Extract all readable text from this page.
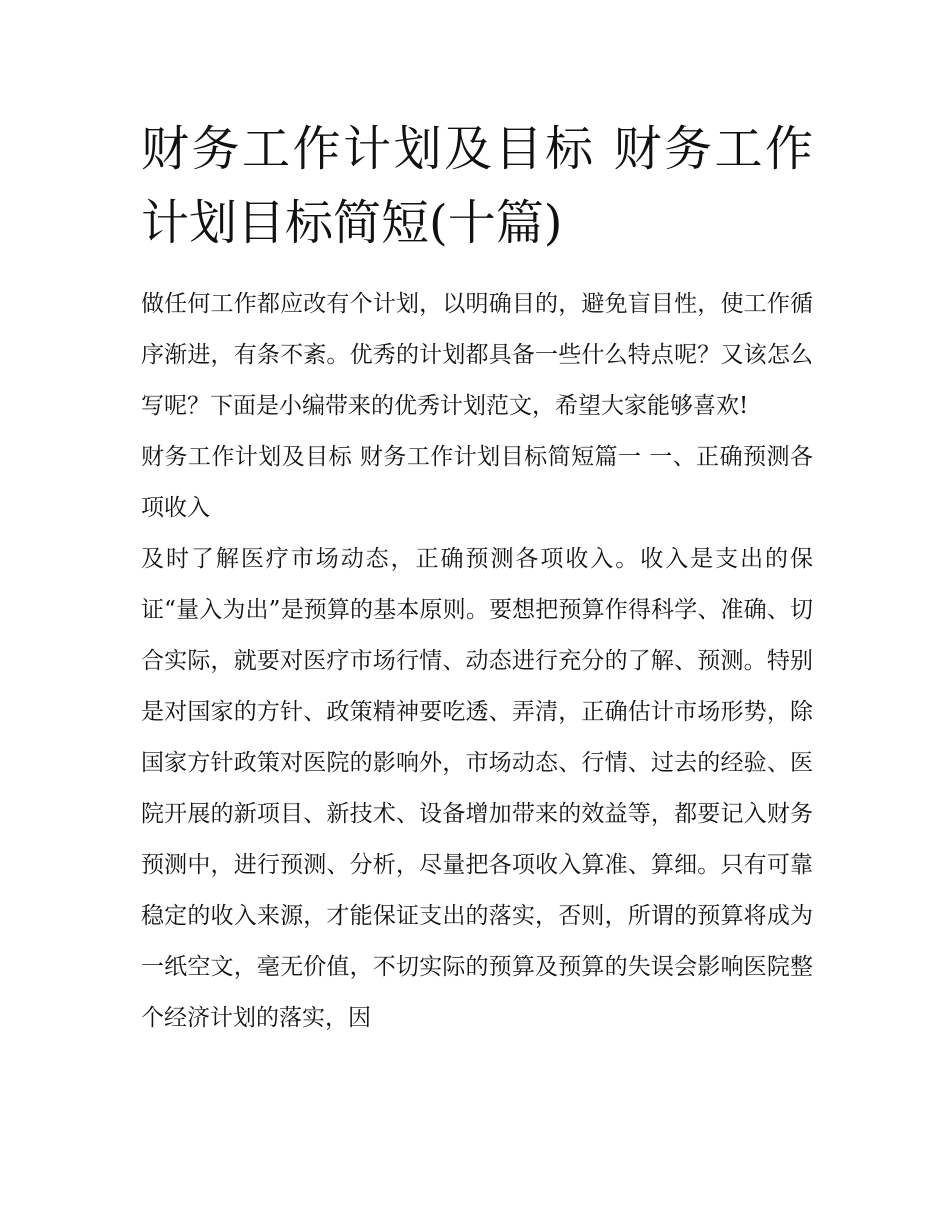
财务工作计划及目标 财务工作计划目标简短(十篇)

做任何工作都应改有个计划，以明确目的，避免盲目性，使工作循序渐进，有条不紊。优秀的计划都具备一些什么特点呢？又该怎么写呢？下面是小编带来的优秀计划范文，希望大家能够喜欢!

财务工作计划及目标 财务工作计划目标简短篇一 一、正确预测各项收入

及时了解医疗市场动态，正确预测各项收入。收入是支出的保证“量入为出”是预算的基本原则。要想把预算作得科学、准确、切合实际，就要对医疗市场行情、动态进行充分的了解、预测。特别是对国家的方针、政策精神要吃透、弄清，正确估计市场形势，除国家方针政策对医院的影响外，市场动态、行情、过去的经验、医院开展的新项目、新技术、设备增加带来的效益等，都要记入财务预测中，进行预测、分析，尽量把各项收入算准、算细。只有可靠稳定的收入来源，才能保证支出的落实，否则，所谓的预算将成为一纸空文，毫无价值，不切实际的预算及预算的失误会影响医院整个经济计划的落实，因
